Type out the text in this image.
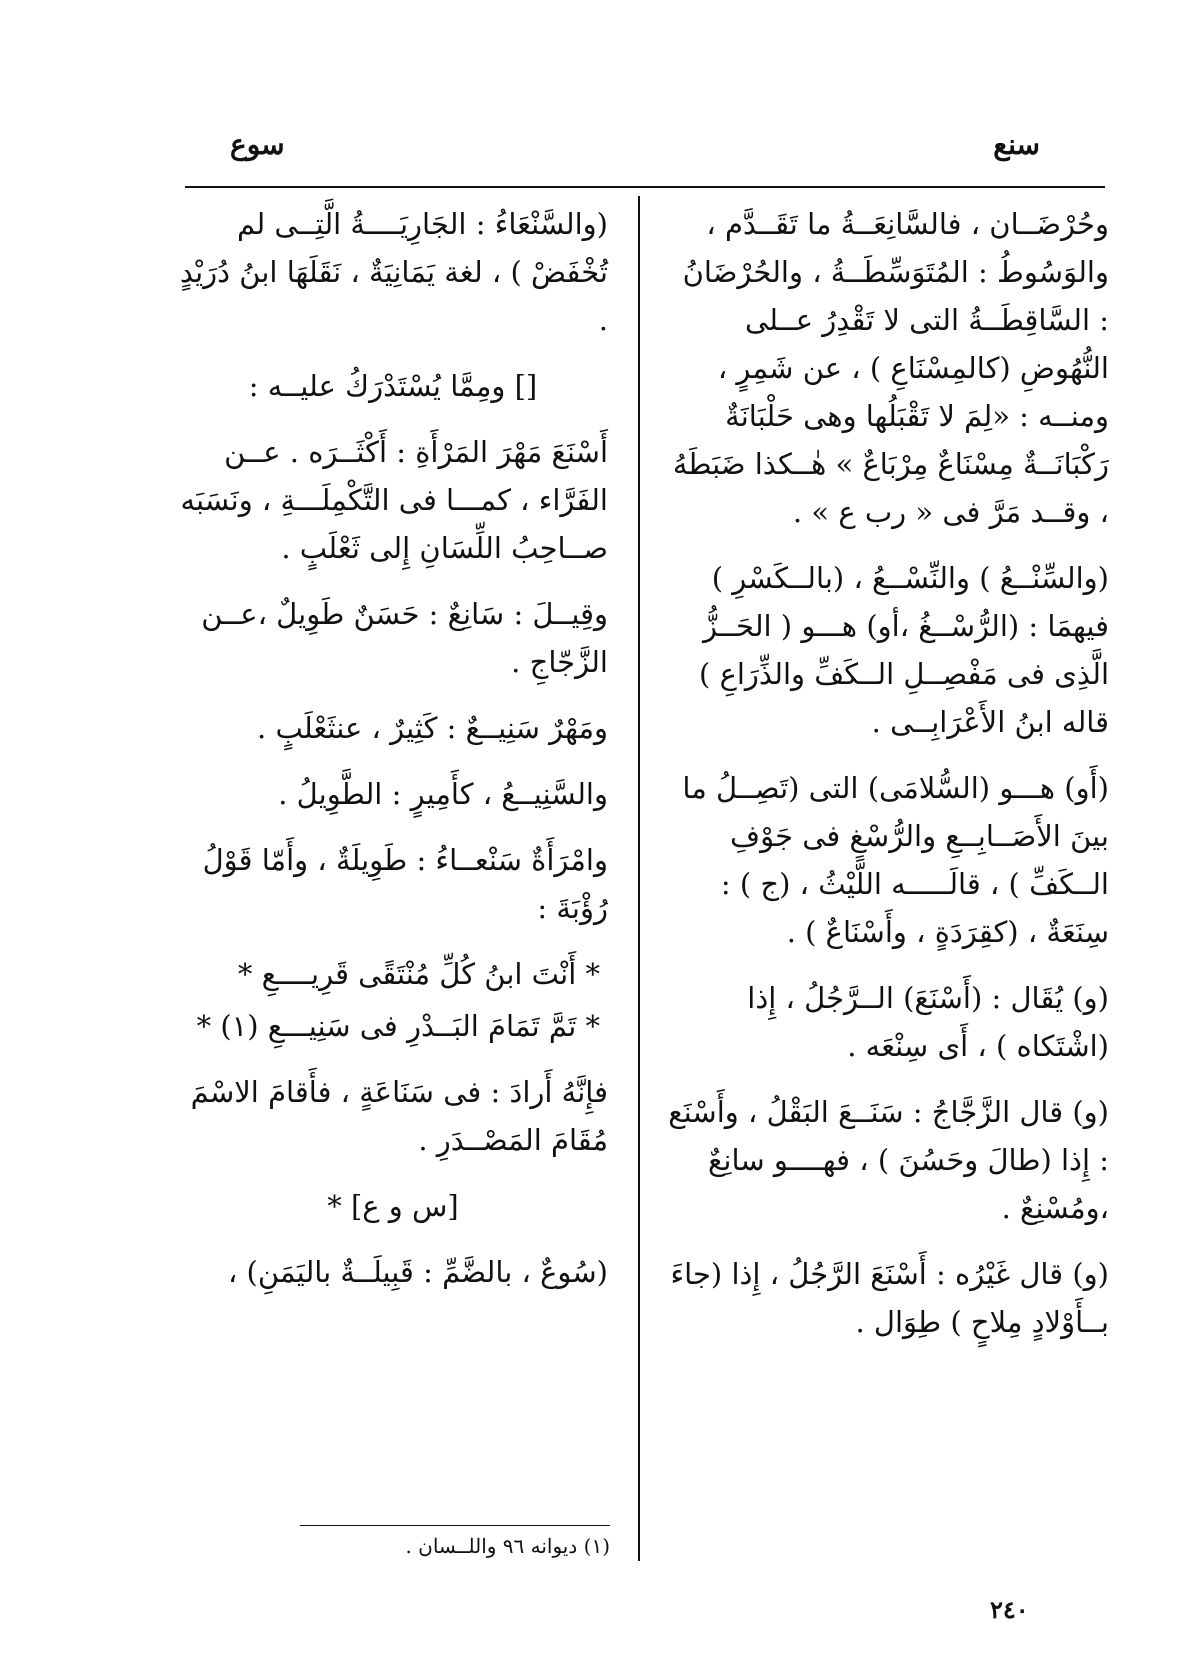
سنع
سوع

وحُرْضَــان ، فالسَّانِعَــةُ ما تَقَــدَّم ، والوَسُوطُ : المُتَوَسِّطَــةُ ، والحُرْضَانُ : السَّاقِطَــةُ التى لا تَقْدِرُ عــلى النُّهُوضِ (كالمِسْنَاعِ ) ، عن شَمِرٍ ، ومنــه : «لِمَ لا تَقْبَلُها وهى حَلْبَانَةٌ رَكْبَانَــةٌ مِسْنَاعٌ مِرْبَاعٌ » هٰــكذا ضَبَطَهُ ، وقــد مَرَّ فى « رب ع » .

(والسِّنْــعُ ) والنِّسْــعُ ، (بالــكَسْرِ ) فيهمَا : (الرُّسْــغُ ،أو) هـــو ( الحَــزُّ الَّذِى فى مَفْصِــلِ الــكَفِّ والذِّرَاعِ ) قاله ابنُ الأَعْرَابِــى .

(أَو) هـــو (السُّلامَى) التى (تَصِــلُ ما بينَ الأَصَــابِــعِ والرُّسْغِ فى جَوْفِ الــكَفِّ ) ، قالَـــــه اللَّيْثُ ، (ج ) : سِنَعَةٌ ، (كقِرَدَةٍ ، وأَسْنَاعٌ ) .

(و) يُقَال : (أَسْنَعَ) الــرَّجُلُ ، إِذا (اشْتَكاه ) ، أَى سِنْعَه .

(و) قال الزَّجَّاجُ : سَنَــعَ البَقْلُ ، وأَسْنَع : إِذا (طالَ وحَسُنَ ) ، فهــــو سانِعٌ ،ومُسْنِعٌ .

(و) قال غَيْرُه : أَسْنَعَ الرَّجُلُ ، إِذا (جاءَ بــأَوْلادٍ مِلاحٍ ) طِوَال .

(والسَّنْعَاءُ : الجَارِيَــــةُ الَّتِــى لم تُخْفَضْ ) ، لغة يَمَانِيَةٌ ، نَقَلَهَا ابنُ دُرَيْدٍ .

[] ومِمَّا يُسْتَدْرَكُ عليــه :

أَسْنَعَ مَهْرَ المَرْأَةِ : أَكْثَــرَه . عــن الفَرَّاء ، كمـــا فى التَّكْمِلَـــةِ ، ونَسَبَه صــاحِبُ اللِّسَانِ إِلى ثَعْلَبٍ .

وقِيــلَ : سَانِعٌ : حَسَنٌ طَوِيلٌ ،عــن الزَّجّاجِ .

ومَهْرٌ سَنِيــعٌ : كَثِيرٌ ، عنثَعْلَبٍ .

والسَّنِيــعُ ، كأَمِيرٍ : الطَّوِيلُ .

وامْرَأَةٌ سَنْعــاءُ : طَوِيلَةٌ ، وأَمّا قَوْلُ رُؤْبَةَ :

* أَنْتَ ابنُ كُلِّ مُنْتَقًى قَرِيــــعِ *

* تَمَّ تَمَامَ البَــدْرِ فى سَنِيـــعِ (١) *

فإِنَّهُ أَرادَ : فى سَنَاعَةٍ ، فأَقامَ الاسْمَ مُقَامَ المَصْــدَرِ .

[س و ع] *

(سُوعٌ ، بالضَّمِّ : قَبِيلَــةٌ باليَمَنِ) ،

(١) ديوانه ٩٦ واللــسان .
٢٤٠
